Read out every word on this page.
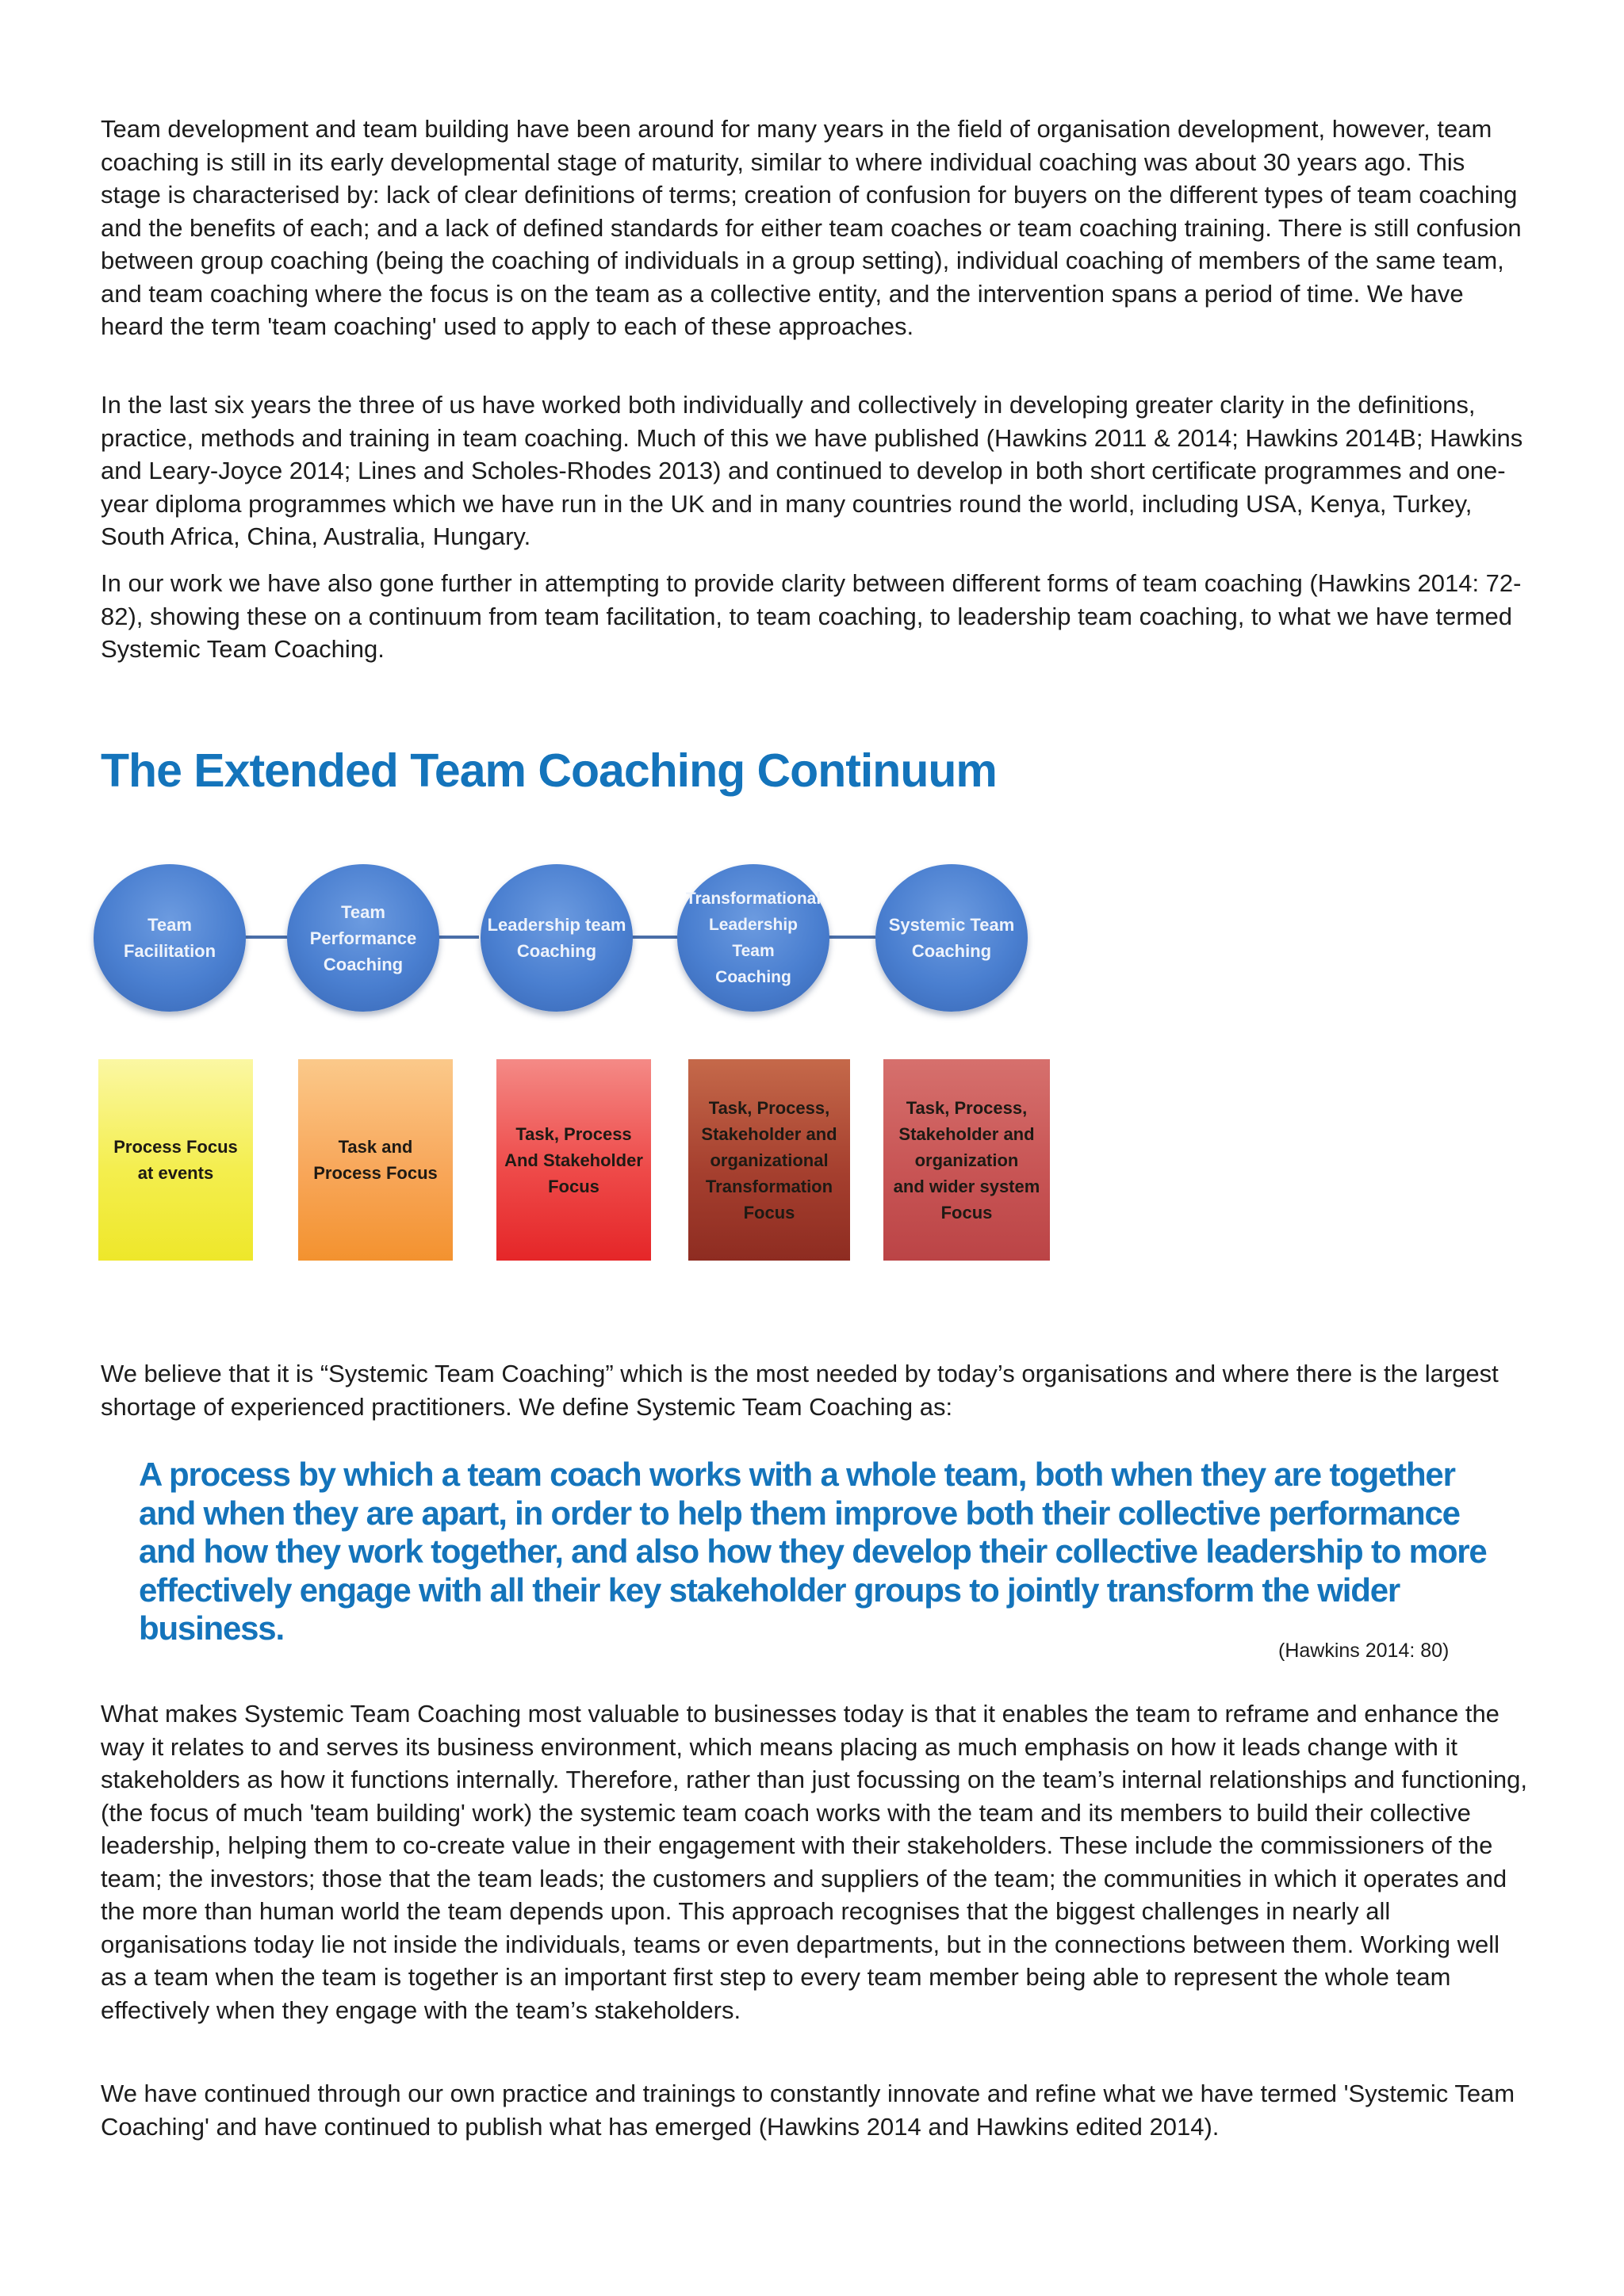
Team development and team building have been around for many years in the field of organisation development, however, team coaching is still in its early developmental stage of maturity, similar to where individual coaching was about 30 years ago. This stage is characterised by: lack of clear definitions of terms; creation of confusion for buyers on the different types of team coaching and the benefits of each; and a lack of defined standards for either team coaches or team coaching training. There is still confusion between group coaching (being the coaching of individuals in a group setting), individual coaching of members of the same team, and team coaching where the focus is on the team as a collective entity, and the intervention spans a period of time. We have heard the term 'team coaching' used to apply to each of these approaches.

In the last six years the three of us have worked both individually and collectively in developing greater clarity in the definitions, practice, methods and training in team coaching. Much of this we have published (Hawkins 2011 & 2014; Hawkins 2014B; Hawkins and Leary-Joyce 2014; Lines and Scholes-Rhodes 2013) and continued to develop in both short certificate programmes and one-year diploma programmes which we have run in the UK and in many countries round the world, including USA, Kenya, Turkey, South Africa, China, Australia, Hungary.

In our work we have also gone further in attempting to provide clarity between different forms of team coaching (Hawkins 2014: 72-82), showing these on a continuum from team facilitation, to team coaching, to leadership team coaching, to what we have termed Systemic Team Coaching.

The Extended Team Coaching Continuum
Team
Facilitation
Team
Performance
Coaching
Leadership team
Coaching
Transformational
Leadership
Team
Coaching
Systemic Team
Coaching
Process Focus
at events
Task and
Process Focus
Task, Process
And Stakeholder
Focus
Task, Process,
Stakeholder and
organizational
Transformation
Focus
Task, Process,
Stakeholder and
organization
and wider system
Focus

We believe that it is “Systemic Team Coaching” which is the most needed by today’s organisations and where there is the largest shortage of experienced practitioners. We define Systemic Team Coaching as:

A process by which a team coach works with a whole team, both when they are together and when they are apart, in order to help them improve both their collective performance and how they work together, and also how they develop their collective leadership to more effectively engage with all their key stakeholder groups to jointly transform the wider business.

(Hawkins 2014: 80)

What makes Systemic Team Coaching most valuable to businesses today is that it enables the team to reframe and enhance the way it relates to and serves its business environment, which means placing as much emphasis on how it leads change with it stakeholders as how it functions internally. Therefore, rather than just focussing on the team’s internal relationships and functioning, (the focus of much 'team building' work) the systemic team coach works with the team and its members to build their collective leadership, helping them to co-create value in their engagement with their stakeholders. These include the commissioners of the team; the investors; those that the team leads; the customers and suppliers of the team; the communities in which it operates and the more than human world the team depends upon. This approach recognises that the biggest challenges in nearly all organisations today lie not inside the individuals, teams or even departments, but in the connections between them. Working well as a team when the team is together is an important first step to every team member being able to represent the whole team effectively when they engage with the team’s stakeholders.

We have continued through our own practice and trainings to constantly innovate and refine what we have termed 'Systemic Team Coaching' and have continued to publish what has emerged (Hawkins 2014 and Hawkins edited 2014).
